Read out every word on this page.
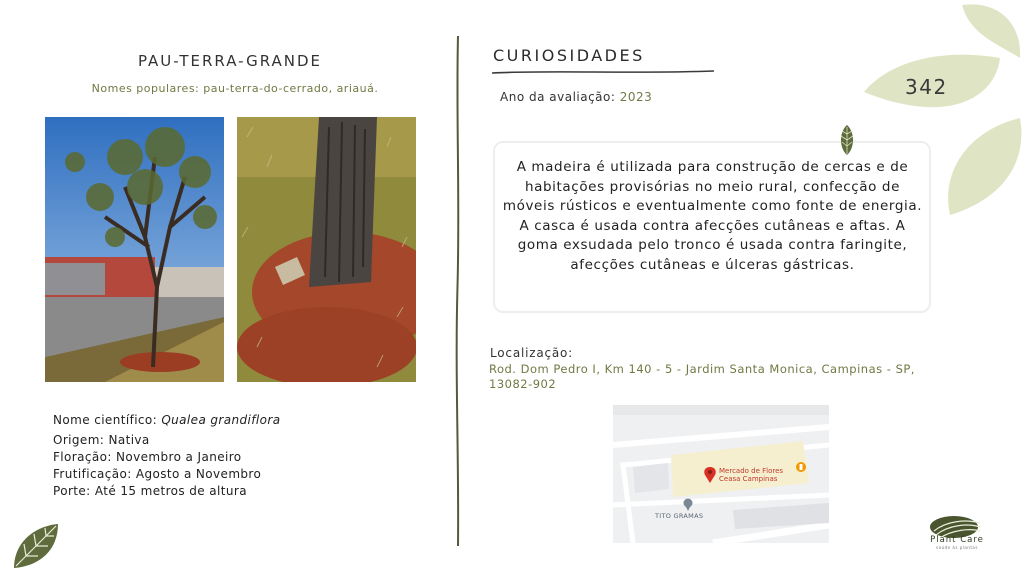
PAU-TERRA-GRANDE
Nomes populares: pau-terra-do-cerrado, ariauá.
Nome científico: Qualea grandiflora
Origem: Nativa
Floração: Novembro a Janeiro
Frutificação: Agosto a Novembro
Porte: Até 15 metros de altura
CURIOSIDADES
Ano da avaliação: 2023
A madeira é utilizada para construção de cercas e de habitações provisórias no meio rural, confecção de móveis rústicos e eventualmente como fonte de energia. A casca é usada contra afecções cutâneas e aftas. A goma exsudada pelo tronco é usada contra faringite, afecções cutâneas e úlceras gástricas.
Localização:
Rod. Dom Pedro I, Km 140 - 5 - Jardim Santa Monica, Campinas - SP, 13082-902
Mercado de Flores Ceasa Campinas
TITO GRAMAS
342
Plant Care
saúde às plantas
